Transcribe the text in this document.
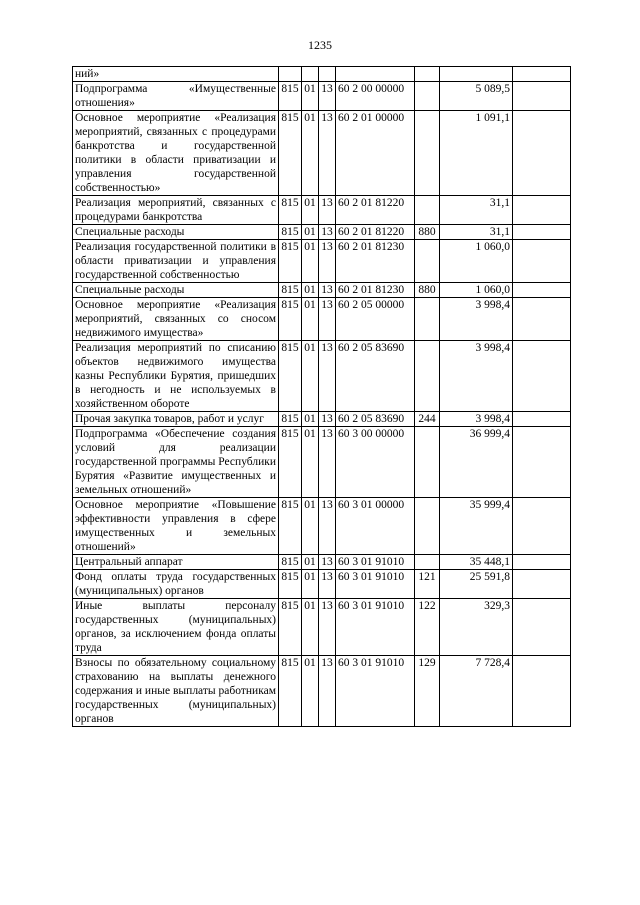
1235
ний»							
Подпрограмма «Имущественные отношения»	815	01	13	60 2 00 00000		5 089,5	
Основное мероприятие «Реализация мероприятий, связанных с процедурами банкротства и государственной политики в области приватизации и управления государственной собственностью»	815	01	13	60 2 01 00000		1 091,1	
Реализация мероприятий, связанных с процедурами банкротства	815	01	13	60 2 01 81220		31,1	
Специальные расходы	815	01	13	60 2 01 81220	880	31,1	
Реализация государственной политики в области приватизации и управления государственной собственностью	815	01	13	60 2 01 81230		1 060,0	
Специальные расходы	815	01	13	60 2 01 81230	880	1 060,0	
Основное мероприятие «Реализация мероприятий, связанных со сносом недвижимого имущества»	815	01	13	60 2 05 00000		3 998,4	
Реализация мероприятий по списанию объектов недвижимого имущества казны Республики Бурятия, пришедших в негодность и не используемых в хозяйственном обороте	815	01	13	60 2 05 83690		3 998,4	
Прочая закупка товаров, работ и услуг	815	01	13	60 2 05 83690	244	3 998,4	
Подпрограмма «Обеспечение создания условий для реализации государственной программы Республики Бурятия «Развитие имущественных и земельных отношений»	815	01	13	60 3 00 00000		36 999,4	
Основное мероприятие «Повышение эффективности управления в сфере имущественных и земельных отношений»	815	01	13	60 3 01 00000		35 999,4	
Центральный аппарат	815	01	13	60 3 01 91010		35 448,1	
Фонд оплаты труда государственных (муниципальных) органов	815	01	13	60 3 01 91010	121	25 591,8	
Иные выплаты персоналу государственных (муниципальных) органов, за исключением фонда оплаты труда	815	01	13	60 3 01 91010	122	329,3	
Взносы по обязательному социальному страхованию на выплаты денежного содержания и иные выплаты работникам государственных (муниципальных) органов	815	01	13	60 3 01 91010	129	7 728,4	
